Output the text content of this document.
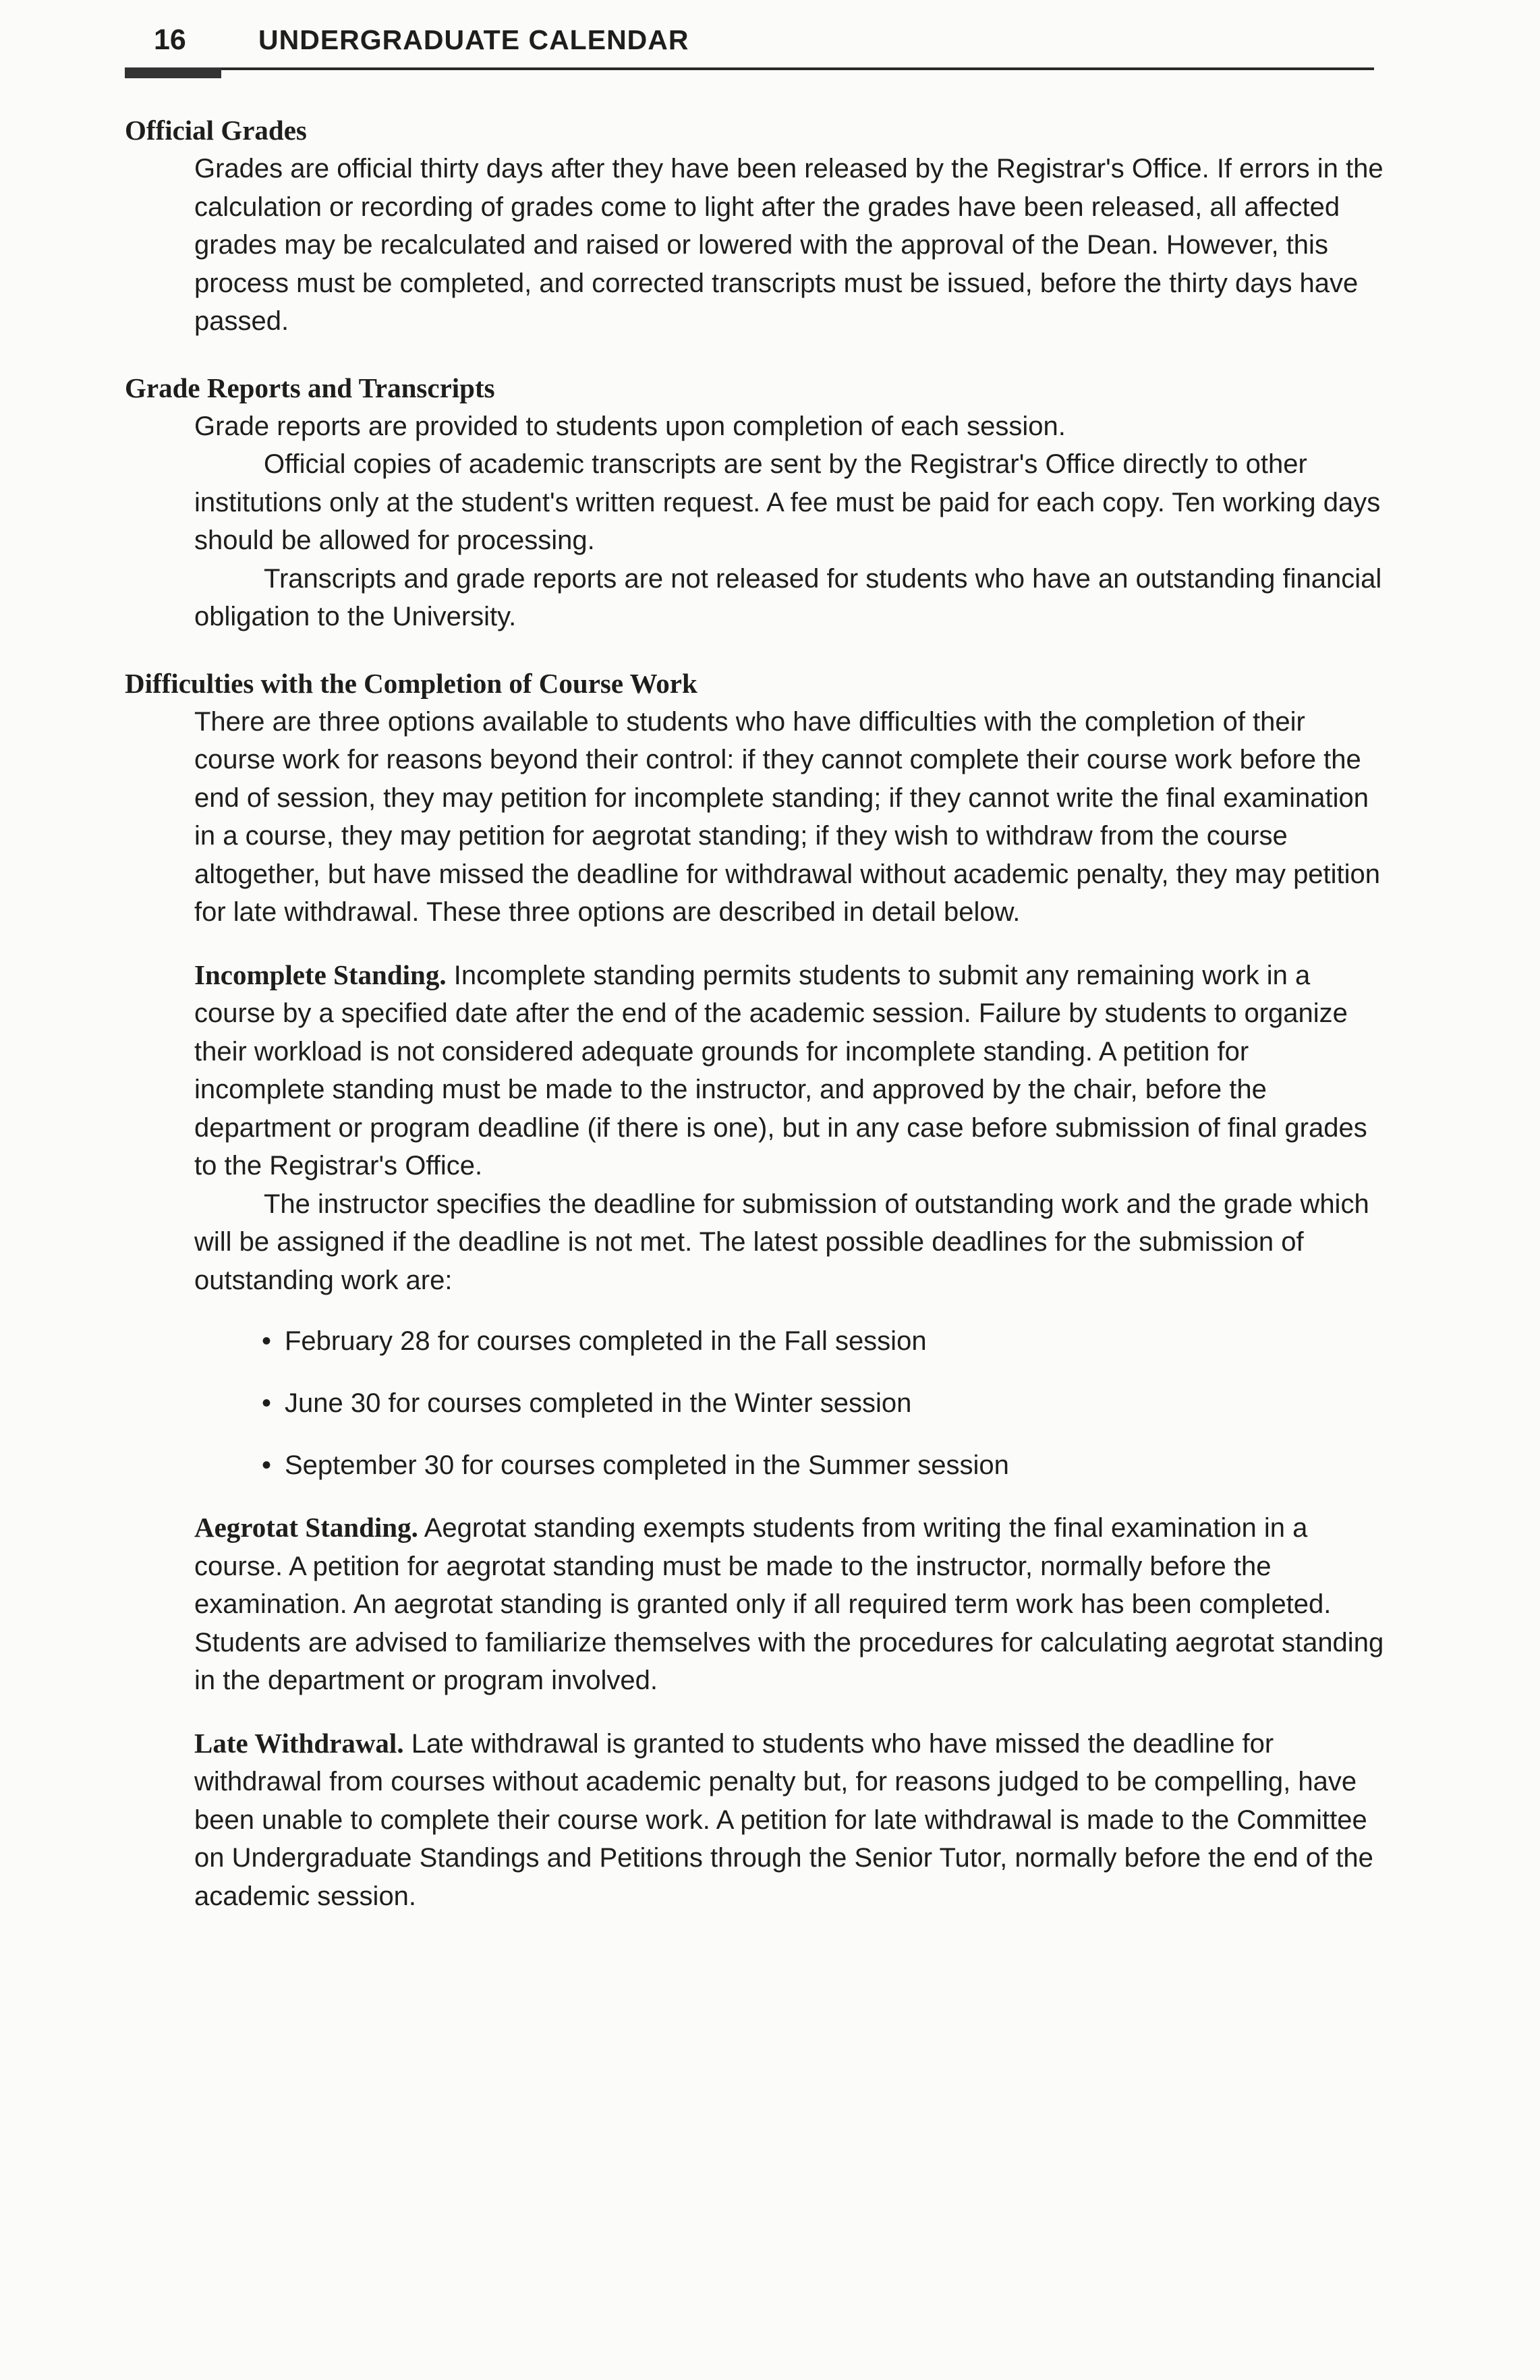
16	UNDERGRADUATE CALENDAR
Official Grades

Grades are official thirty days after they have been released by the Registrar's Office. If errors in the calculation or recording of grades come to light after the grades have been released, all affected grades may be recalculated and raised or lowered with the approval of the Dean. However, this process must be completed, and corrected transcripts must be issued, before the thirty days have passed.

Grade Reports and Transcripts

Grade reports are provided to students upon completion of each session.

Official copies of academic transcripts are sent by the Registrar's Office directly to other institutions only at the student's written request. A fee must be paid for each copy. Ten working days should be allowed for processing.

Transcripts and grade reports are not released for students who have an outstanding financial obligation to the University.

Difficulties with the Completion of Course Work

There are three options available to students who have difficulties with the completion of their course work for reasons beyond their control: if they cannot complete their course work before the end of session, they may petition for incomplete standing; if they cannot write the final examination in a course, they may petition for aegrotat standing; if they wish to withdraw from the course altogether, but have missed the deadline for withdrawal without academic penalty, they may petition for late withdrawal. These three options are described in detail below.

Incomplete Standing. Incomplete standing permits students to submit any remaining work in a course by a specified date after the end of the academic session. Failure by students to organize their workload is not considered adequate grounds for incomplete standing. A petition for incomplete standing must be made to the instructor, and approved by the chair, before the department or program deadline (if there is one), but in any case before submission of final grades to the Registrar's Office.

The instructor specifies the deadline for submission of outstanding work and the grade which will be assigned if the deadline is not met. The latest possible deadlines for the submission of outstanding work are:

• February 28 for courses completed in the Fall session
• June 30 for courses completed in the Winter session
• September 30 for courses completed in the Summer session

Aegrotat Standing. Aegrotat standing exempts students from writing the final examination in a course. A petition for aegrotat standing must be made to the instructor, normally before the examination. An aegrotat standing is granted only if all required term work has been completed. Students are advised to familiarize themselves with the procedures for calculating aegrotat standing in the department or program involved.

Late Withdrawal. Late withdrawal is granted to students who have missed the deadline for withdrawal from courses without academic penalty but, for reasons judged to be compelling, have been unable to complete their course work. A petition for late withdrawal is made to the Committee on Undergraduate Standings and Petitions through the Senior Tutor, normally before the end of the academic session.
